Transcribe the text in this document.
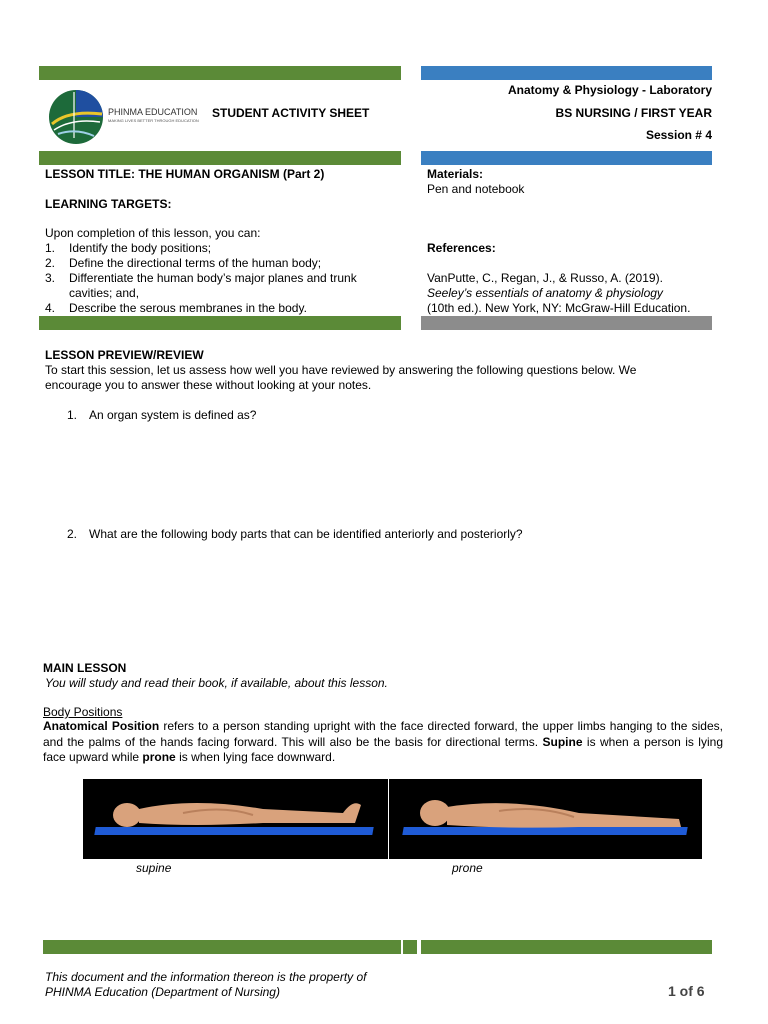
PHINMA EDUCATION
MAKING LIVES BETTER THROUGH EDUCATION
STUDENT ACTIVITY SHEET
Anatomy & Physiology - Laboratory
BS NURSING / FIRST YEAR
Session # 4
LESSON TITLE: THE HUMAN ORGANISM (Part 2)
LEARNING TARGETS:
Upon completion of this lesson, you can:
1. Identify the body positions;
2. Define the directional terms of the human body;
3. Differentiate the human body’s major planes and trunk cavities; and,
4. Describe the serous membranes in the body.
Materials:
Pen and notebook
References:
VanPutte, C., Regan, J., & Russo, A. (2019).
Seeley’s essentials of anatomy & physiology
(10th ed.). New York, NY: McGraw-Hill Education.
LESSON PREVIEW/REVIEW
To start this session, let us assess how well you have reviewed by answering the following questions below. We
encourage you to answer these without looking at your notes.
1. An organ system is defined as?
2. What are the following body parts that can be identified anteriorly and posteriorly?
MAIN LESSON
You will study and read their book, if available, about this lesson.
Body Positions
Anatomical Position refers to a person standing upright with the face directed forward, the upper limbs hanging to the sides, and the palms of the hands facing forward. This will also be the basis for directional terms. Supine is when a person is lying face upward while prone is when lying face downward.
supine	prone
This document and the information thereon is the property of
PHINMA Education (Department of Nursing)	1 of 6
